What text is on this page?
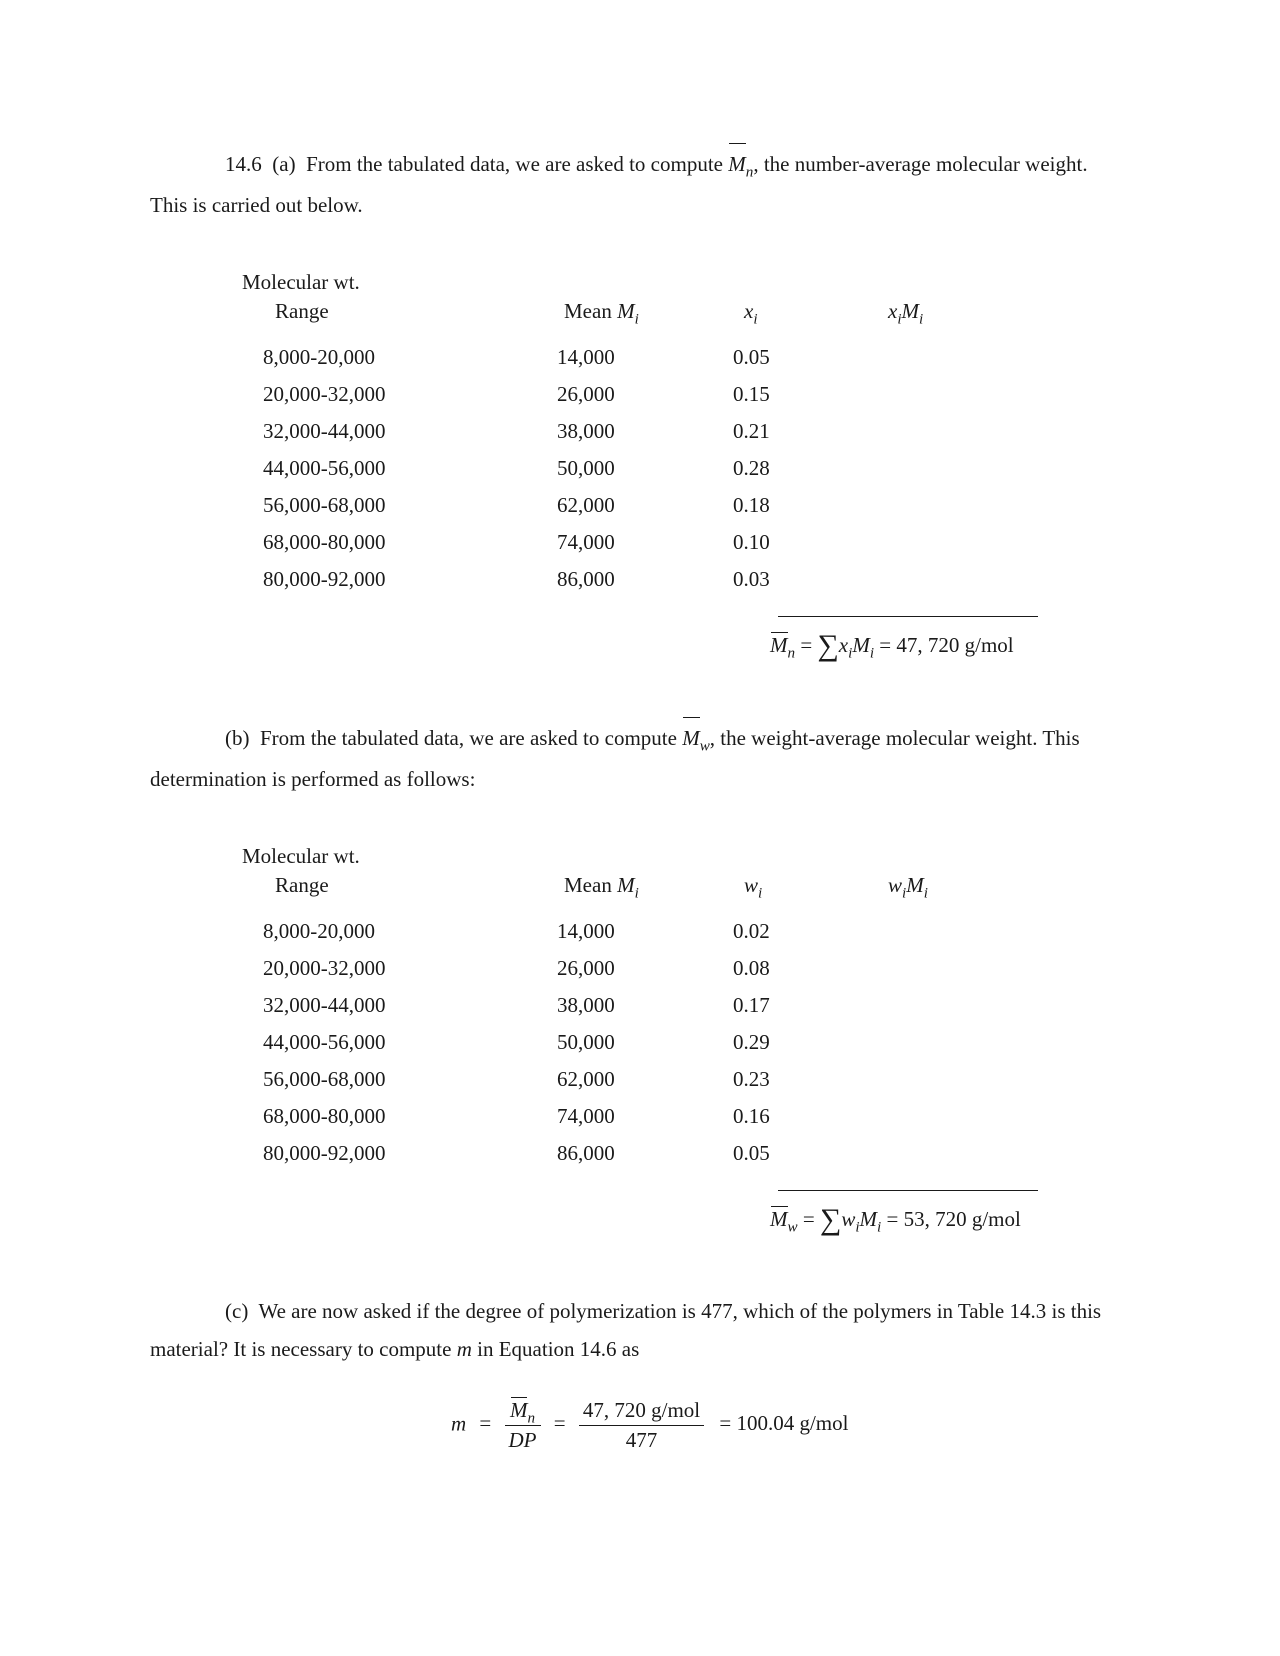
14.6 (a) From the tabulated data, we are asked to compute $M_n$, the number-average molecular weight.
This is carried out below.
Molecular wt.
Range	Mean $M_i$	$x_i$	$x_iM_i$
8,000-20,000	14,000	0.05
20,000-32,000	26,000	0.15
32,000-44,000	38,000	0.21
44,000-56,000	50,000	0.28
56,000-68,000	62,000	0.18
68,000-80,000	74,000	0.10
80,000-92,000	86,000	0.03
$M_n = \sum x_iM_i = 47$, 720 g/mol
(b) From the tabulated data, we are asked to compute $M_w$, the weight-average molecular weight. This
determination is performed as follows:
Molecular wt.
Range	Mean $M_i$	$w_i$	$w_iM_i$
8,000-20,000	14,000	0.02
20,000-32,000	26,000	0.08
32,000-44,000	38,000	0.17
44,000-56,000	50,000	0.29
56,000-68,000	62,000	0.23
68,000-80,000	74,000	0.16
80,000-92,000	86,000	0.05
$M_w = \sum w_iM_i = 53$, 720 g/mol
(c) We are now asked if the degree of polymerization is 477, which of the polymers in Table 14.3 is this
material? It is necessary to compute m in Equation 14.6 as
$m = \frac{M_n}{DP} = \frac{\text{47, 720 g/mol}}{477} = 100.04$ g/mol
